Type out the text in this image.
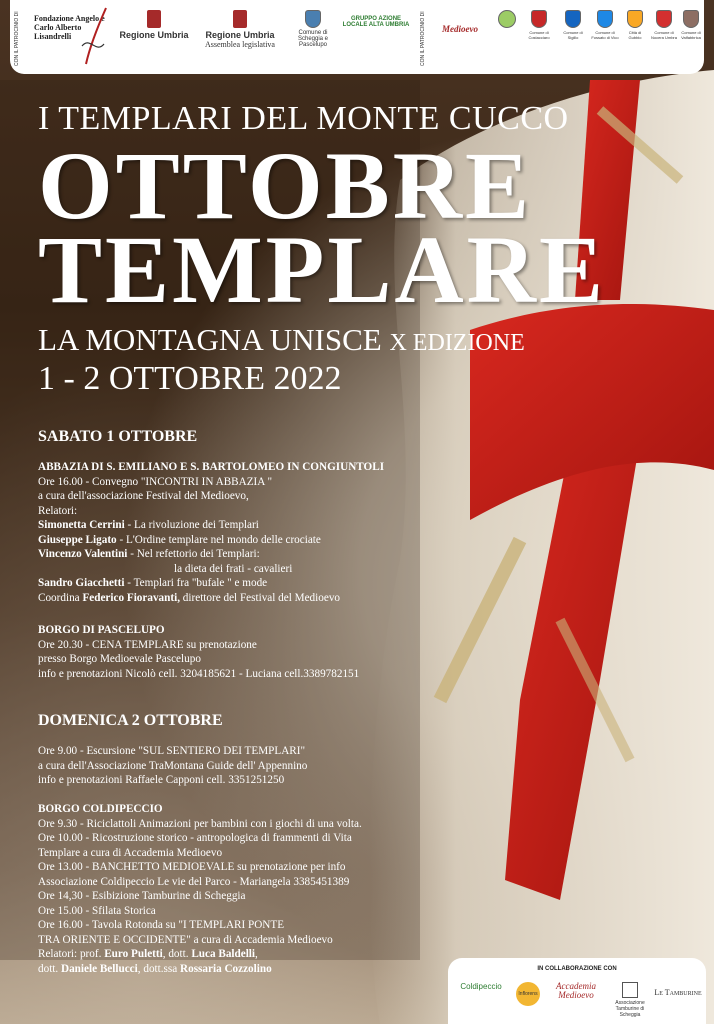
CON IL PATROCINIO DI Fondazione Angelo e Carlo Alberto Lisandrelli	Regione Umbria	Regione Umbria
Assemblea legislativa
Comune di Scheggia e Pascelupo
GRUPPO AZIONE LOCALE ALTA UMBRIA CON IL PATROCINIO DI	Medioevo	Comune di Costacciaro
Comune di Sigillo
Comune di Fossato di Vico
Città di Gubbio
Comune di Nocera Umbra
Comune di Valfabbrica
I TEMPLARI DEL MONTE CUCCO
OTTOBRE
TEMPLARE
LA MONTAGNA UNISCE X EDIZIONE
1 - 2 OTTOBRE 2022
SABATO 1 OTTOBRE
ABBAZIA DI S. EMILIANO E S. BARTOLOMEO IN CONGIUNTOLI
Ore 16.00 - Convegno "INCONTRI IN ABBAZIA "
a cura dell'associazione Festival del Medioevo,
Relatori:
Simonetta Cerrini - La rivoluzione dei Templari
Giuseppe Ligato - L'Ordine templare nel mondo delle crociate
Vincenzo Valentini - Nel refettorio dei Templari:
la dieta dei frati - cavalieri
Sandro Giacchetti - Templari fra "bufale " e mode
Coordina Federico Fioravanti, direttore del Festival del Medioevo
BORGO DI PASCELUPO
Ore 20.30 - CENA TEMPLARE su prenotazione
presso Borgo Medioevale Pascelupo
info e prenotazioni Nicolò cell. 3204185621 - Luciana cell.3389782151
DOMENICA 2 OTTOBRE
Ore 9.00 - Escursione "SUL SENTIERO DEI TEMPLARI"
a cura dell'Associazione TraMontana Guide dell' Appennino
info e prenotazioni Raffaele Capponi cell. 3351251250
BORGO COLDIPECCIO
Ore 9.30 - Riciclattoli Animazioni per bambini con i giochi di una volta.
Ore 10.00 - Ricostruzione storico - antropologica di frammenti di Vita
Templare a cura di Accademia Medioevo
Ore 13.00 - BANCHETTO MEDIOEVALE su prenotazione per info
Associazione Coldipeccio Le vie del Parco - Mariangela 3385451389
Ore 14,30 - Esibizione Tamburine di Scheggia
Ore 15.00 - Sfilata Storica
Ore 16.00 - Tavola Rotonda su "I TEMPLARI PONTE
TRA ORIENTE E OCCIDENTE" a cura di Accademia Medioevo
Relatori: prof. Euro Puletti, dott. Luca Baldelli,
dott. Daniele Bellucci, dott.ssa Rossaria Cozzolino	IN COLLABORAZIONE CON
Coldipeccio
Inflorens
Accademia Medioevo
Associazione Tamburine di Scheggia
Le Tamburine
